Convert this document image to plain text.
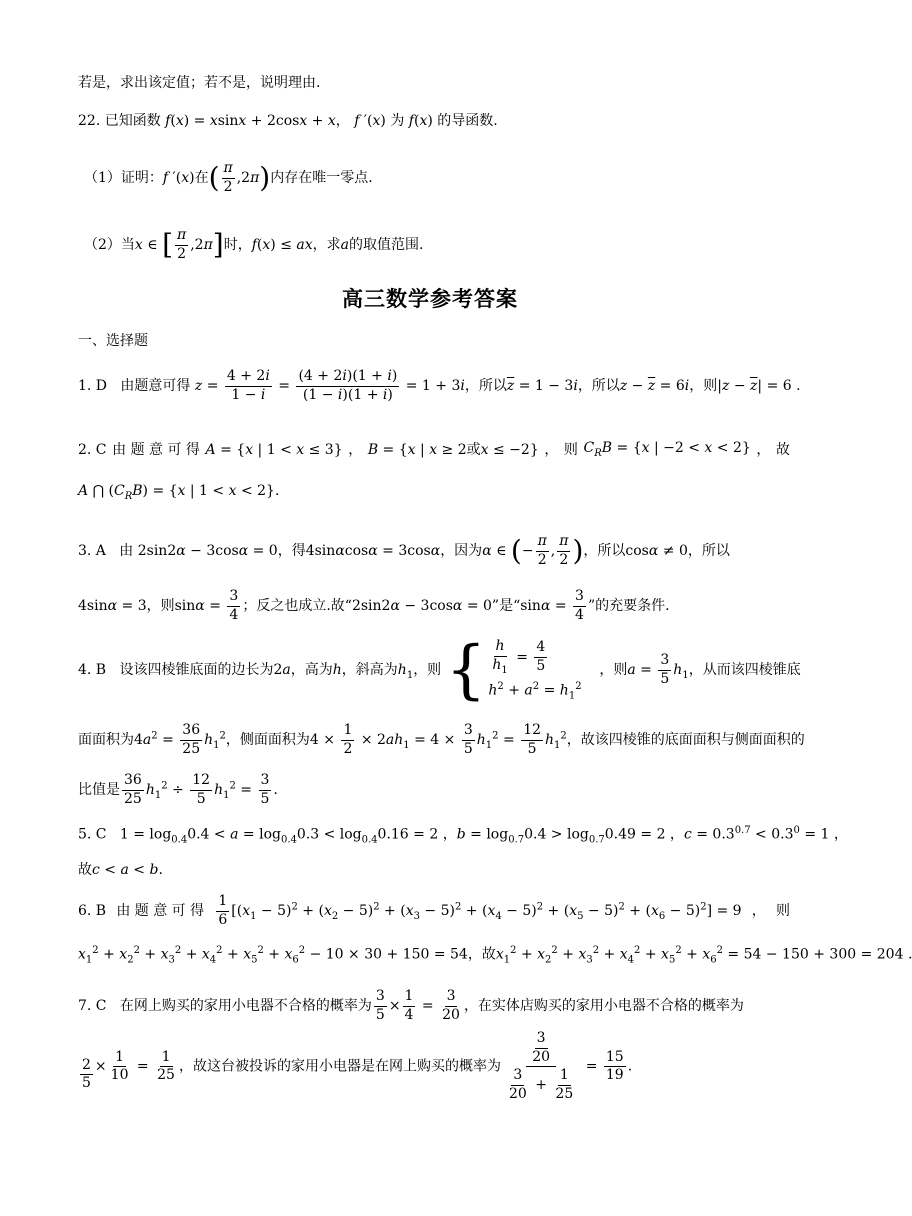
若是，求出该定值；若不是，说明理由.
22. 已知函数 f(x) = xsinx + 2cosx + x， f ′(x) 为 f(x) 的导函数.
（1）证明：f ′(x)在( $\frac{\pi}{2} ,2\pi$)内存在唯一零点.
（2）当x ∈ [ $\frac{\pi}{2} ,2\pi$]时，f(x) ≤ ax，求a的取值范围.
高三数学参考答案
一、选择题
1. D 由题意可得 $z = \frac{4 + 2i}{1 - i} = \frac{(4 + 2i)(1 + i)}{(1 - i)(1 + i)} = 1 + 3i$，所以$\overline{z} = 1 - 3i$，所以$z - \overline{z} = 6i$，则$|z - \overline{z}| = 6$ .
2. C 由 题 意 可 得 A = {x | 1 < x ≤ 3} ， B = {x | x ≥ 2或x ≤ −2} ， 则 $C_RB = \{x$ | −2 < x < 2} ， 故
A ⋂ $(C_RB) = \{x$ | 1 < x < 2}.
3. A 由 2sin2α − 3cosα = 0，得4sinαcosα = 3cosα，因为α ∈ (− $\frac{\pi}{2}$ , $\frac{\pi}{2}$ )，所以cosα ≠ 0，所以
4sinα = 3，则$\sin\alpha = \frac{3}{4}$ ；反之也成立.故“2sin2α − 3cosα = 0”是“$\sin\alpha = \frac{3}{4}$ ”的充要条件.
4. B 设该四棱锥底面的边长为2a，高为h，斜高为$h_1$，则 { $\frac{h}{h_1} = \frac{4}{5}$
$h^2 + a^2 = h_1^2$
，则$a = \frac{3}{5} h_1$，从而该四棱锥底
面面积为$4a^2 = \frac{36}{25} h_1^2$，侧面面积为$4 \times \frac{1}{2} \times 2ah_1 = 4 \times \frac{3}{5} h_1^2 = \frac{12}{5} h_1^2$，故该四棱锥的底面面积与侧面面积的
比值是 $\frac{36}{25} h_1^2 \div \frac{12}{5} h_1^2 = \frac{3}{5}$ .
5. C   $1 = \log_{0.4}0.4 < a = \log_{0.4}0.3 < \log_{0.4}0.16 = 2$ ，$b = \log_{0.7}0.4 > \log_{0.7}0.49 = 2$ ，$c = 0.3^{0.7} < 0.3^0 = 1$ ，
故c < a < b.
6. B 由 题 意 可 得 $\frac{1}{6} [(x_1 - 5)^2 + (x_2 - 5)^2 + (x_3 - 5)^2 + (x_4 - 5)^2 + (x_5 - 5)^2 + (x_6 - 5)^2] = 9$ ， 则
$x_1^2 + x_2^2 + x_3^2 + x_4^2 + x_5^2 + x_6^2 - 10 \times 30 + 150 = 54$，故$x_1^2 + x_2^2 + x_3^2 + x_4^2 + x_5^2 + x_6^2 = 54 - 150 + 300 = 204$ .
7. C 在网上购买的家用小电器不合格的概率为 $\frac{3}{5} \times \frac{1}{4} = \frac{3}{20}$ ，在实体店购买的家用小电器不合格的概率为
$\frac{2}{5} \times \frac{1}{10} = \frac{1}{25}$ ，故这台被投诉的家用小电器是在网上购买的概率为 $\frac{\frac{3}{20}}{\frac{3}{20} + \frac{1}{25}} = \frac{15}{19}$ .
